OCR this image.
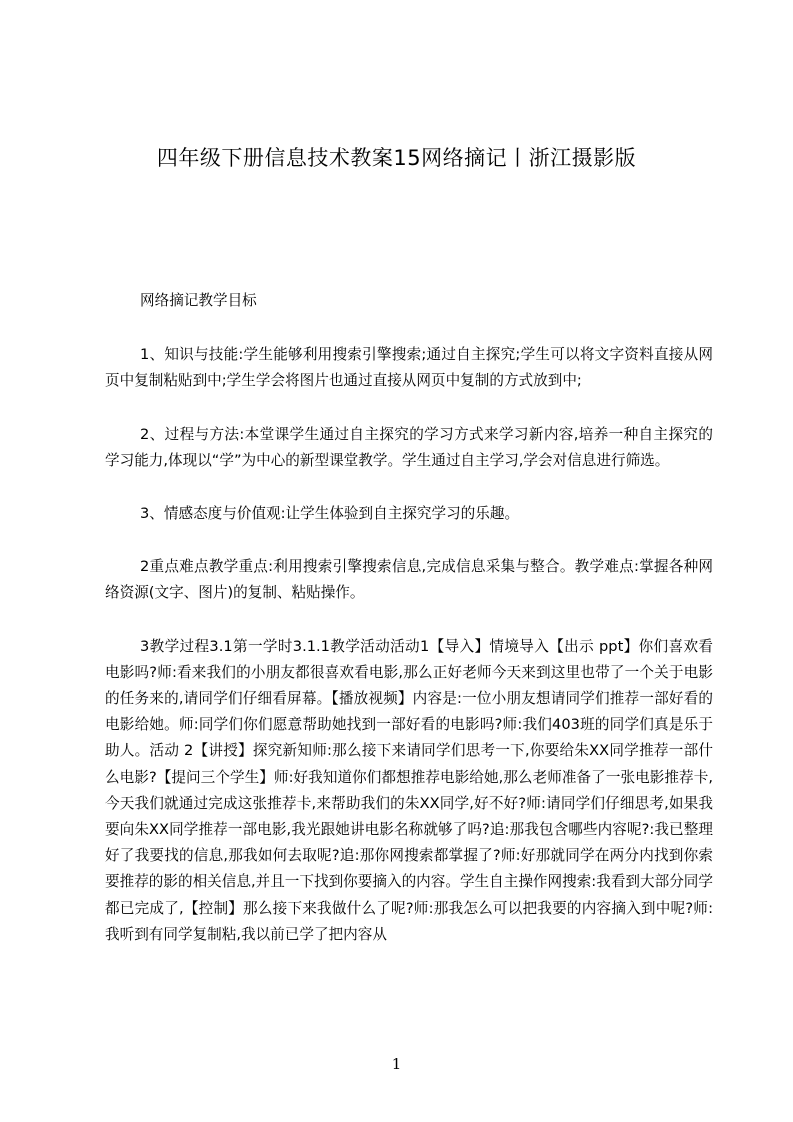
四年级下册信息技术教案15网络摘记丨浙江摄影版

网络摘记教学目标

1、知识与技能:学生能够利用搜索引擎搜索;通过自主探究;学生可以将文字资料直接从网页中复制粘贴到中;学生学会将图片也通过直接从网页中复制的方式放到中;

2、过程与方法:本堂课学生通过自主探究的学习方式来学习新内容,培养一种自主探究的学习能力,体现以“学”为中心的新型课堂教学。学生通过自主学习,学会对信息进行筛选。

3、情感态度与价值观:让学生体验到自主探究学习的乐趣。

2重点难点教学重点:利用搜索引擎搜索信息,完成信息采集与整合。教学难点:掌握各种网络资源(文字、图片)的复制、粘贴操作。

3教学过程3.1第一学时3.1.1教学活动活动1【导入】情境导入【出示 ppt】你们喜欢看电影吗?师:看来我们的小朋友都很喜欢看电影,那么正好老师今天来到这里也带了一个关于电影的任务来的,请同学们仔细看屏幕。【播放视频】内容是:一位小朋友想请同学们推荐一部好看的电影给她。师:同学们你们愿意帮助她找到一部好看的电影吗?师:我们403班的同学们真是乐于助人。活动 2【讲授】探究新知师:那么接下来请同学们思考一下,你要给朱XX同学推荐一部什么电影?【提问三个学生】师:好我知道你们都想推荐电影给她,那么老师准备了一张电影推荐卡,今天我们就通过完成这张推荐卡,来帮助我们的朱XX同学,好不好?师:请同学们仔细思考,如果我要向朱XX同学推荐一部电影,我光跟她讲电影名称就够了吗?追:那我包含哪些内容呢?:我已整理好了我要找的信息,那我如何去取呢?追:那你网搜索都掌握了?师:好那就同学在两分内找到你索要推荐的影的相关信息,并且一下找到你要摘入的内容。学生自主操作网搜索:我看到大部分同学都已完成了,【控制】那么接下来我做什么了呢?师:那我怎么可以把我要的内容摘入到中呢?师:我听到有同学复制粘,我以前已学了把内容从

1
